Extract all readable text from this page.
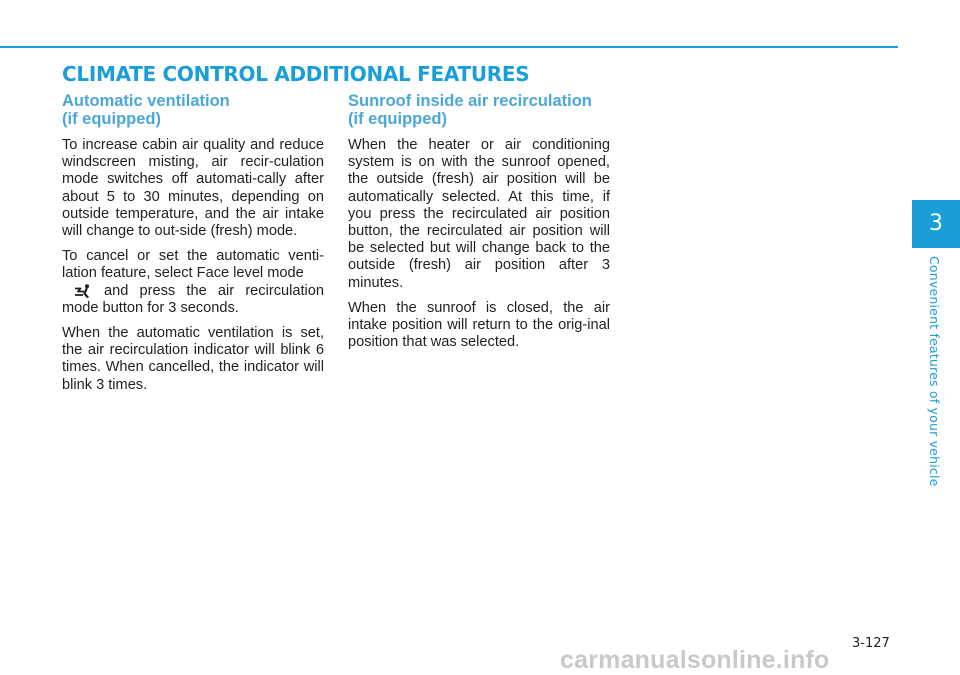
CLIMATE CONTROL ADDITIONAL FEATURES
Automatic ventilation
(if equipped)

To increase cabin air quality and reduce windscreen misting, air recir-culation mode switches off automati-cally after about 5 to 30 minutes, depending on outside temperature, and the air intake will change to out-side (fresh) mode.

To cancel or set the automatic venti-lation feature, select Face level mode
and press the air recirculation mode button for 3 seconds.

When the automatic ventilation is set, the air recirculation indicator will blink 6 times. When cancelled, the indicator will blink 3 times.

Sunroof inside air recirculation
(if equipped)

When the heater or air conditioning system is on with the sunroof opened, the outside (fresh) air position will be automatically selected. At this time, if you press the recirculated air position button, the recirculated air position will be selected but will change back to the outside (fresh) air position after 3 minutes.

When the sunroof is closed, the air intake position will return to the orig-inal position that was selected.

3
Convenient features of your vehicle
3-127
carmanualsonline.info
